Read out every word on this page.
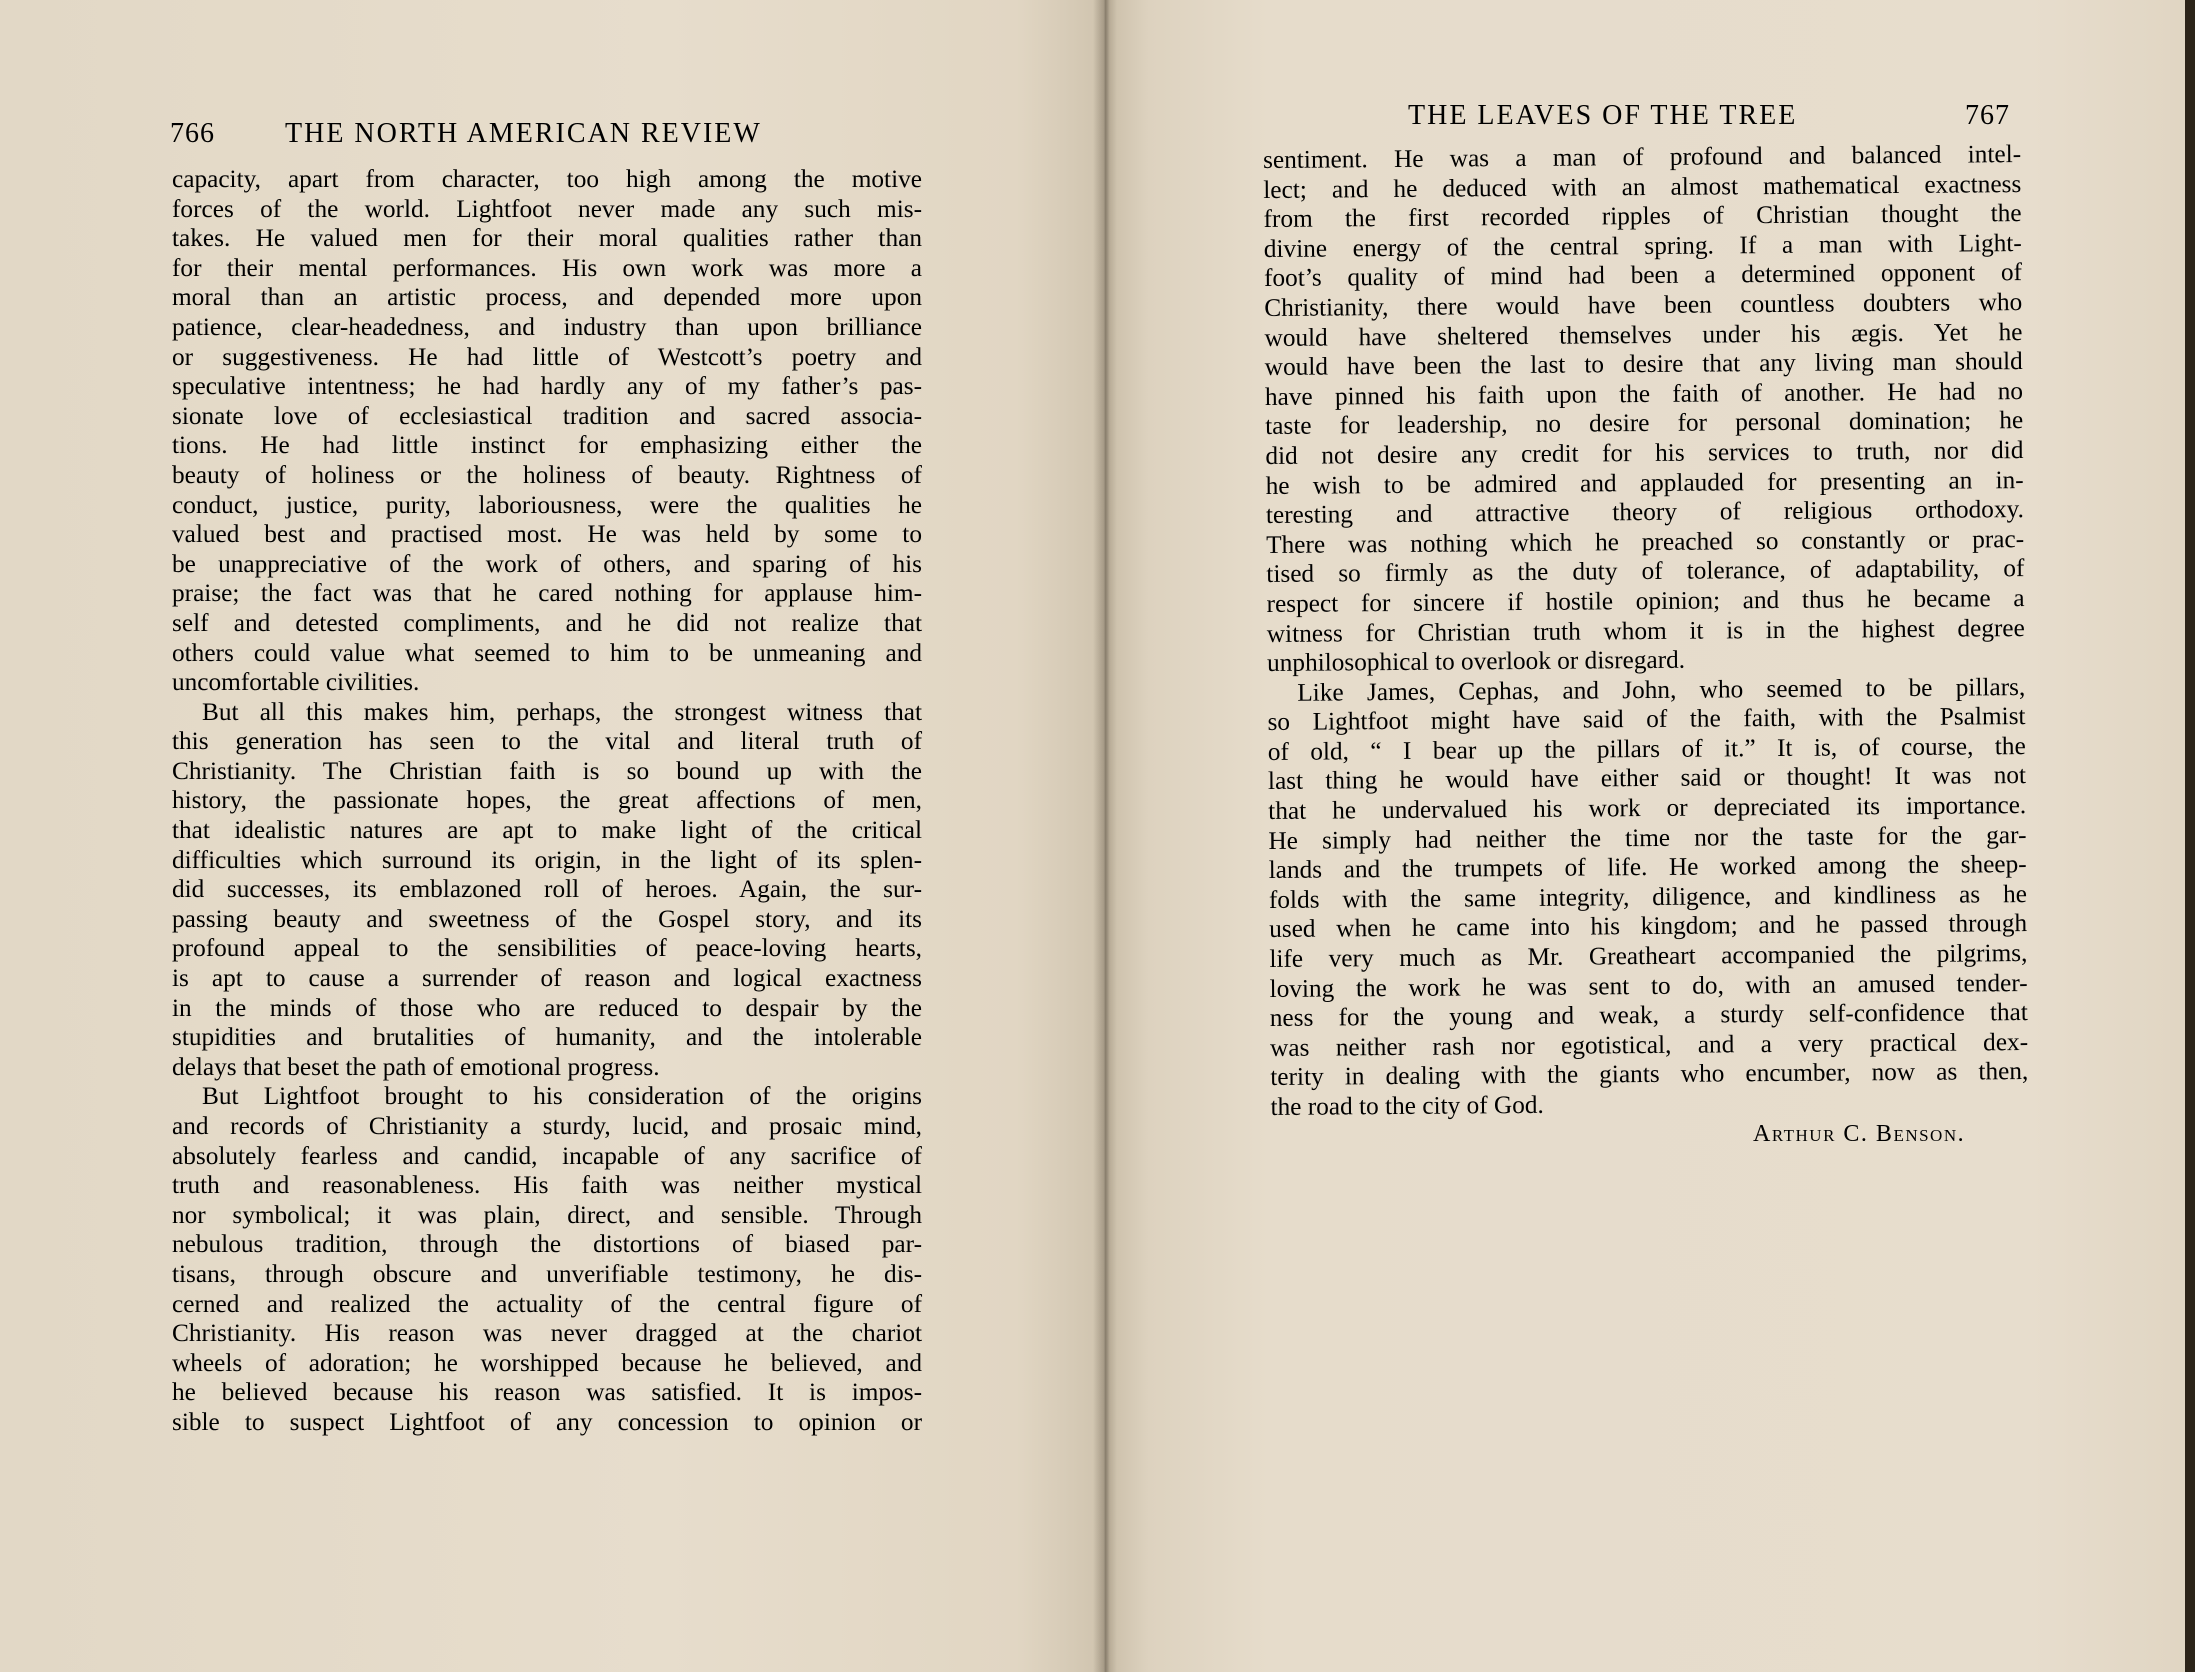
766	THE NORTH AMERICAN REVIEW
capacity, apart from character, too high among the motive
forces of the world. Lightfoot never made any such mis-
takes. He valued men for their moral qualities rather than
for their mental performances. His own work was more a
moral than an artistic process, and depended more upon
patience, clear-headedness, and industry than upon brilliance
or suggestiveness. He had little of Westcott’s poetry and
speculative intentness; he had hardly any of my father’s pas-
sionate love of ecclesiastical tradition and sacred associa-
tions. He had little instinct for emphasizing either the
beauty of holiness or the holiness of beauty. Rightness of
conduct, justice, purity, laboriousness, were the qualities he
valued best and practised most. He was held by some to
be unappreciative of the work of others, and sparing of his
praise; the fact was that he cared nothing for applause him-
self and detested compliments, and he did not realize that
others could value what seemed to him to be unmeaning and
uncomfortable civilities.
But all this makes him, perhaps, the strongest witness that
this generation has seen to the vital and literal truth of
Christianity. The Christian faith is so bound up with the
history, the passionate hopes, the great affections of men,
that idealistic natures are apt to make light of the critical
difficulties which surround its origin, in the light of its splen-
did successes, its emblazoned roll of heroes. Again, the sur-
passing beauty and sweetness of the Gospel story, and its
profound appeal to the sensibilities of peace-loving hearts,
is apt to cause a surrender of reason and logical exactness
in the minds of those who are reduced to despair by the
stupidities and brutalities of humanity, and the intolerable
delays that beset the path of emotional progress.
But Lightfoot brought to his consideration of the origins
and records of Christianity a sturdy, lucid, and prosaic mind,
absolutely fearless and candid, incapable of any sacrifice of
truth and reasonableness. His faith was neither mystical
nor symbolical; it was plain, direct, and sensible. Through
nebulous tradition, through the distortions of biased par-
tisans, through obscure and unverifiable testimony, he dis-
cerned and realized the actuality of the central figure of
Christianity. His reason was never dragged at the chariot
wheels of adoration; he worshipped because he believed, and
he believed because his reason was satisfied. It is impos-
sible to suspect Lightfoot of any concession to opinion or
THE LEAVES OF THE TREE	767
sentiment. He was a man of profound and balanced intel-
lect; and he deduced with an almost mathematical exactness
from the first recorded ripples of Christian thought the
divine energy of the central spring. If a man with Light-
foot’s quality of mind had been a determined opponent of
Christianity, there would have been countless doubters who
would have sheltered themselves under his ægis. Yet he
would have been the last to desire that any living man should
have pinned his faith upon the faith of another. He had no
taste for leadership, no desire for personal domination; he
did not desire any credit for his services to truth, nor did
he wish to be admired and applauded for presenting an in-
teresting and attractive theory of religious orthodoxy.
There was nothing which he preached so constantly or prac-
tised so firmly as the duty of tolerance, of adaptability, of
respect for sincere if hostile opinion; and thus he became a
witness for Christian truth whom it is in the highest degree
unphilosophical to overlook or disregard.
Like James, Cephas, and John, who seemed to be pillars,
so Lightfoot might have said of the faith, with the Psalmist
of old, “ I bear up the pillars of it.” It is, of course, the
last thing he would have either said or thought! It was not
that he undervalued his work or depreciated its importance.
He simply had neither the time nor the taste for the gar-
lands and the trumpets of life. He worked among the sheep-
folds with the same integrity, diligence, and kindliness as he
used when he came into his kingdom; and he passed through
life very much as Mr. Greatheart accompanied the pilgrims,
loving the work he was sent to do, with an amused tender-
ness for the young and weak, a sturdy self-confidence that
was neither rash nor egotistical, and a very practical dex-
terity in dealing with the giants who encumber, now as then,
the road to the city of God.
Arthur C. Benson.
